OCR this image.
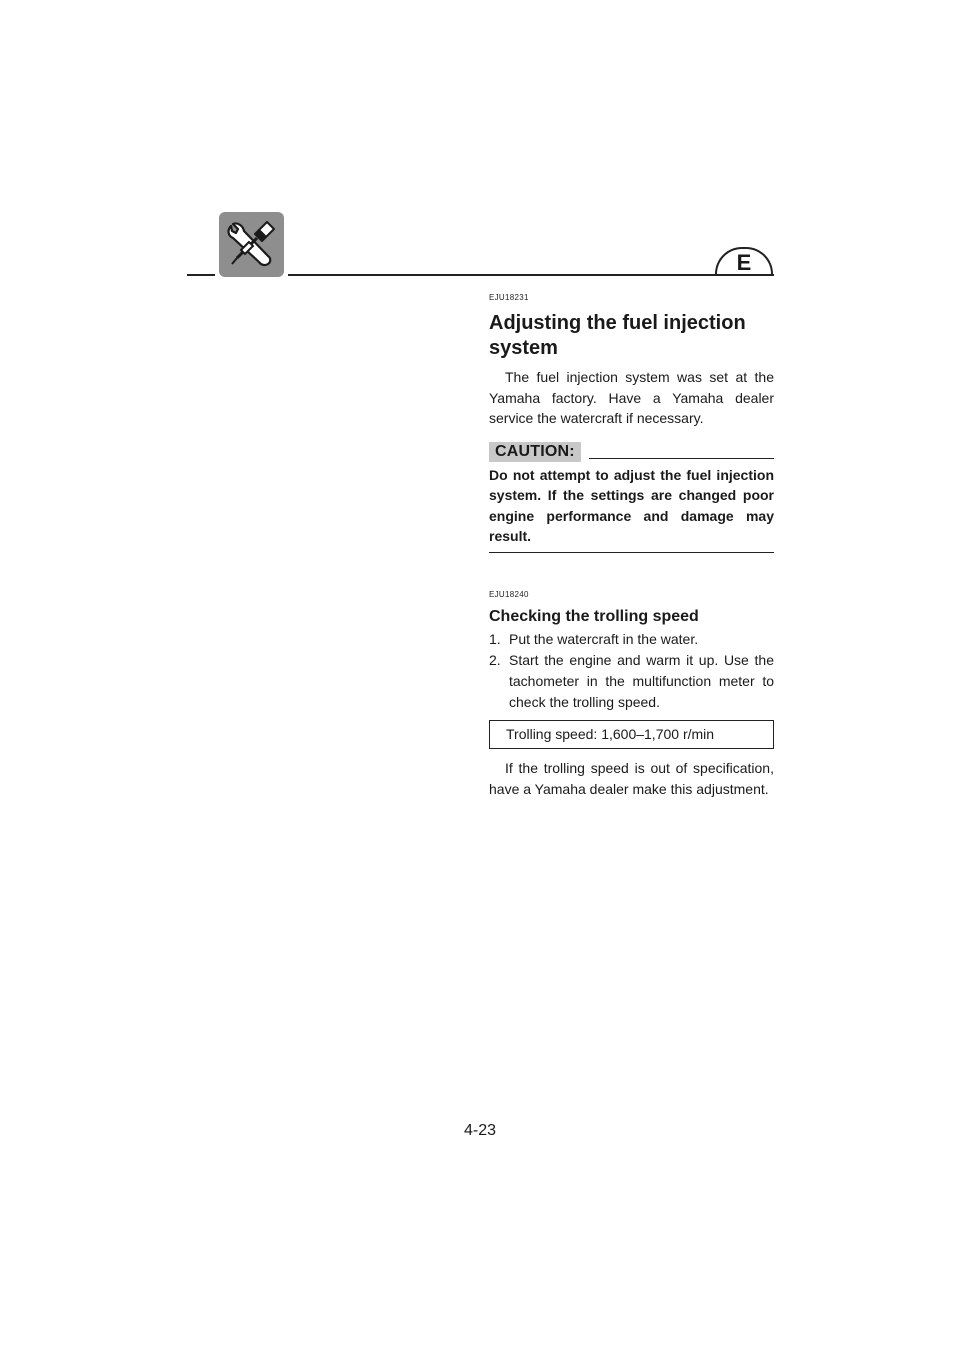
E

EJU18231

Adjusting the fuel injection
system

The fuel injection system was set at the Yamaha factory. Have a Yamaha dealer service the watercraft if necessary.

CAUTION:
Do not attempt to adjust the fuel injection system. If the settings are changed poor engine performance and damage may result.

EJU18240

Checking the trolling speed
1. Put the watercraft in the water.
2. Start the engine and warm it up. Use the tachometer in the multifunction meter to check the trolling speed.
Trolling speed: 1,600–1,700 r/min

If the trolling speed is out of specification, have a Yamaha dealer make this adjustment.

4-23
